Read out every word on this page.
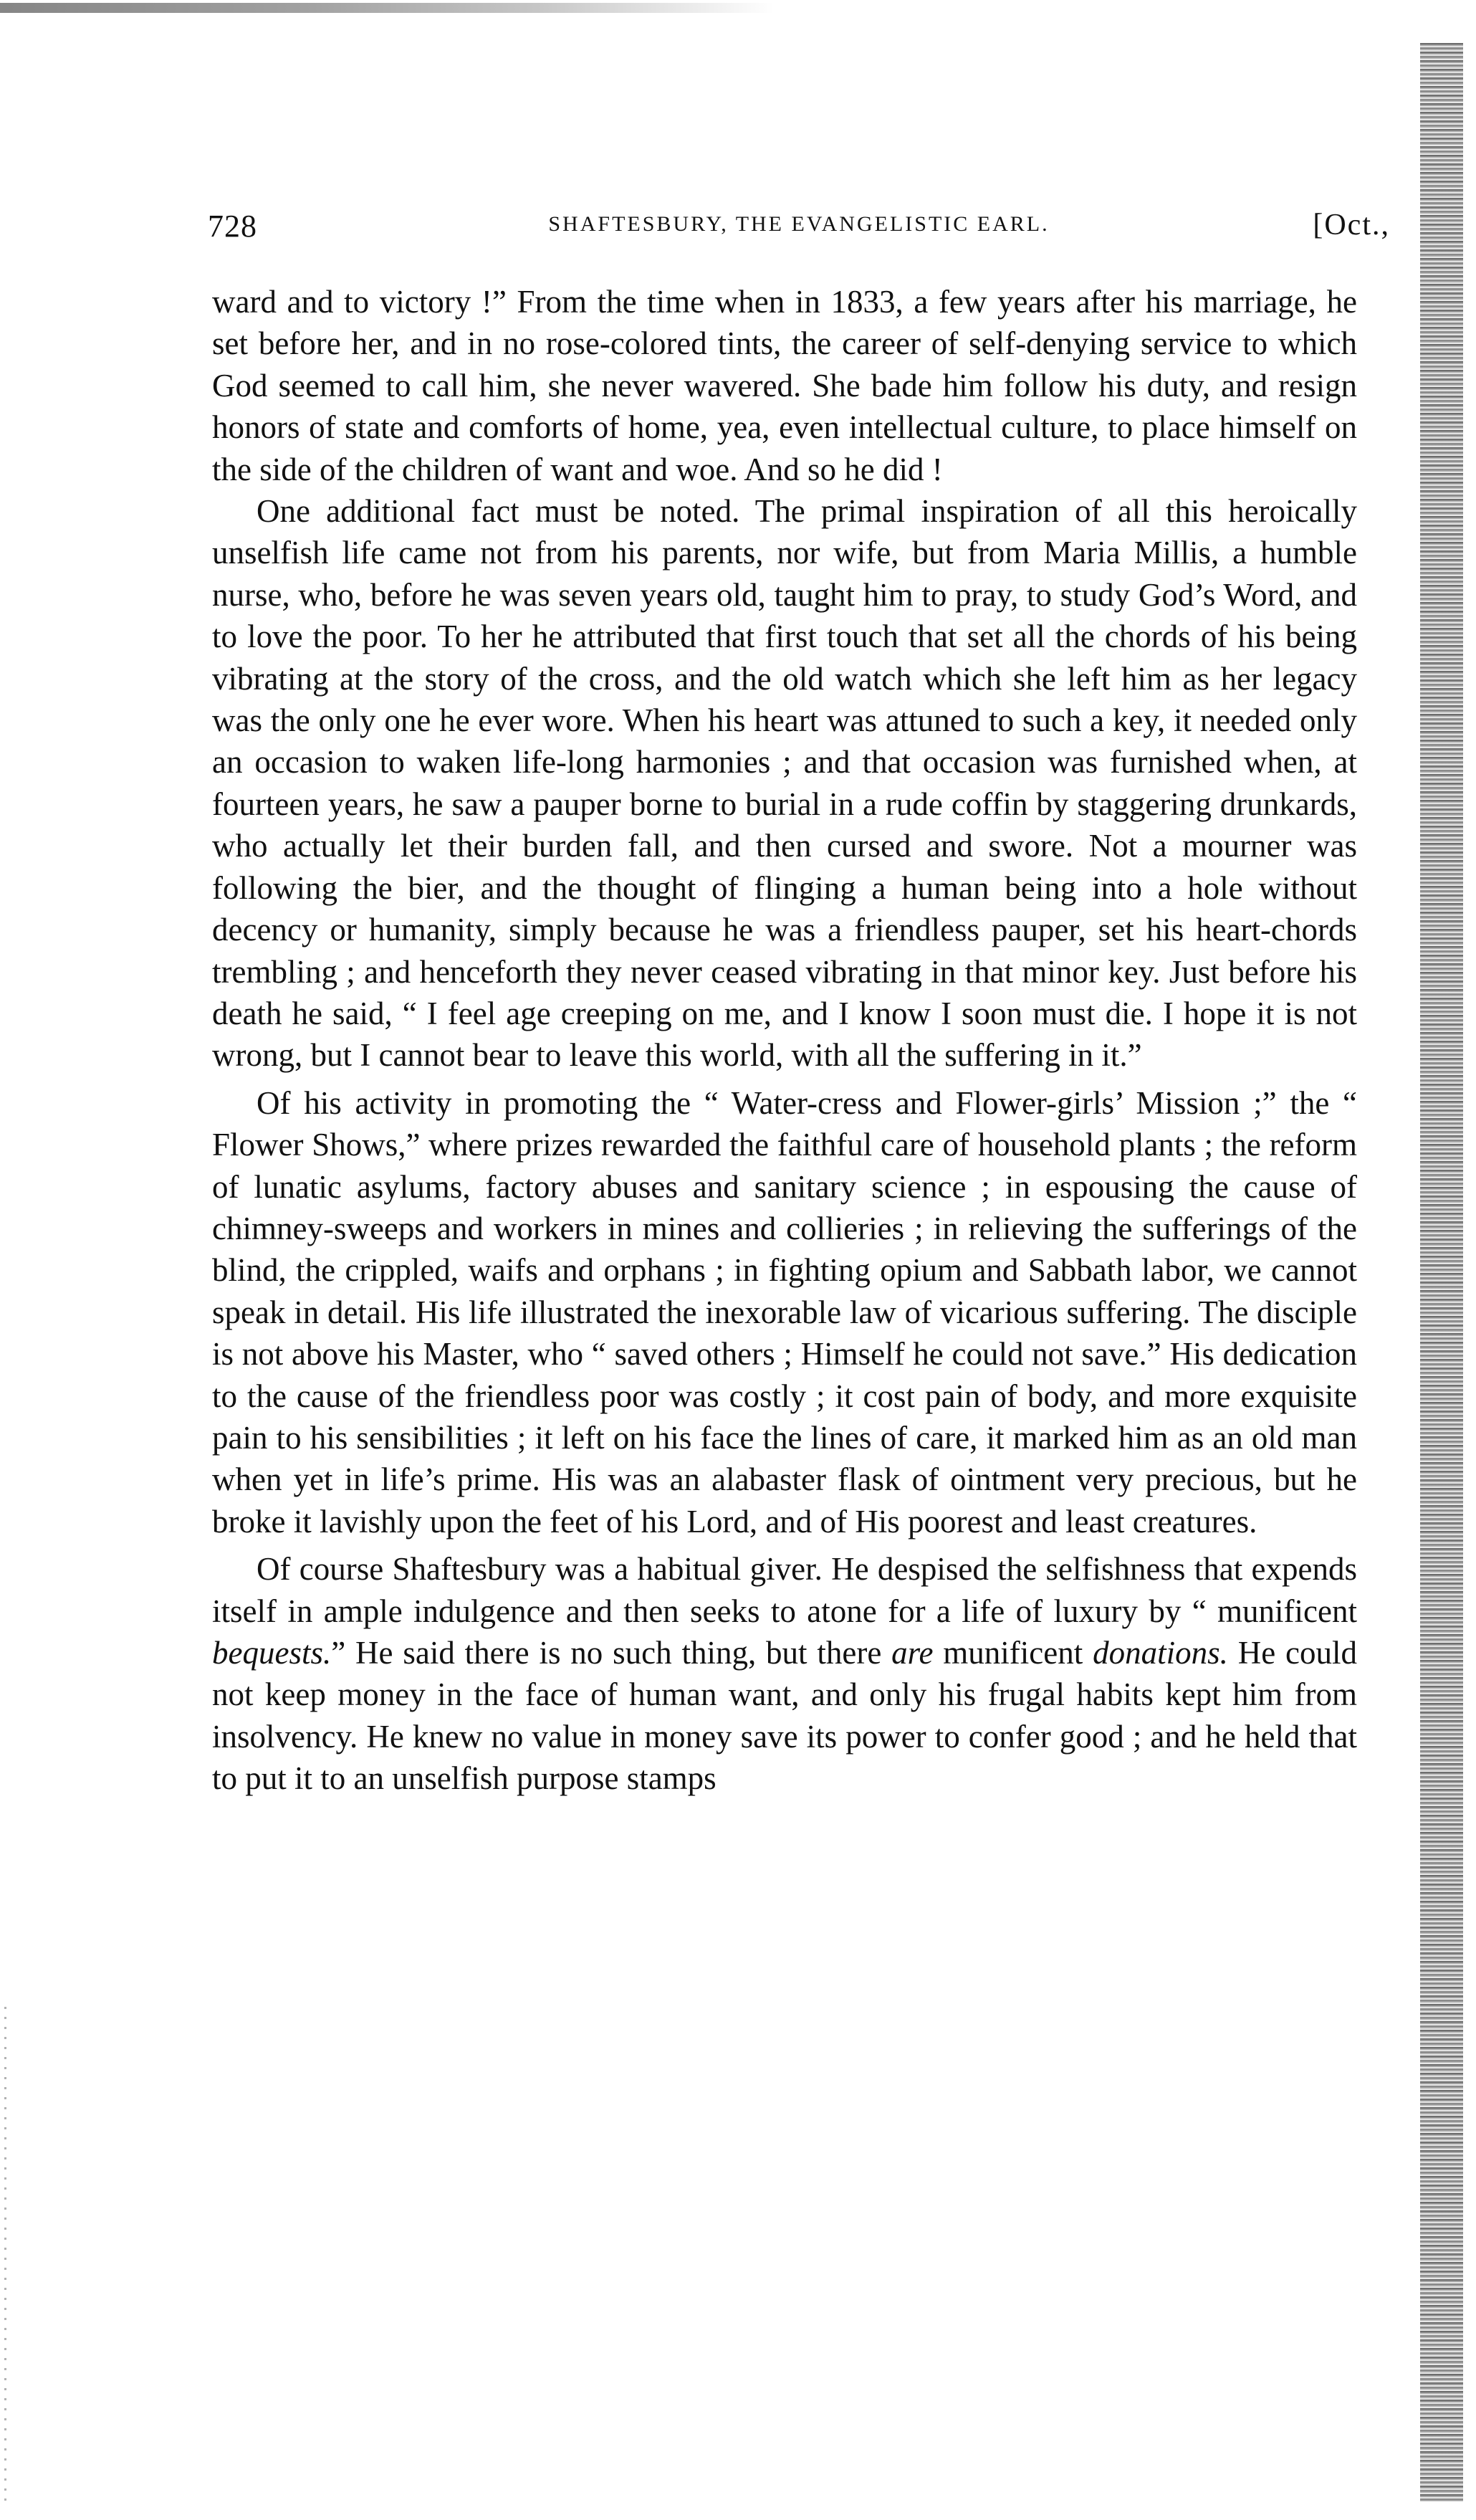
728	SHAFTESBURY, THE EVANGELISTIC EARL.	[Oct.,

ward and to victory !” From the time when in 1833, a few years after his marriage, he set before her, and in no rose-colored tints, the career of self-denying service to which God seemed to call him, she never wavered. She bade him follow his duty, and resign honors of state and comforts of home, yea, even intellectual culture, to place himself on the side of the children of want and woe. And so he did !

One additional fact must be noted. The primal inspiration of all this heroically unselfish life came not from his parents, nor wife, but from Maria Millis, a humble nurse, who, before he was seven years old, taught him to pray, to study God’s Word, and to love the poor. To her he attributed that first touch that set all the chords of his being vibrating at the story of the cross, and the old watch which she left him as her legacy was the only one he ever wore. When his heart was attuned to such a key, it needed only an occasion to waken life-long harmonies ; and that occasion was furnished when, at fourteen years, he saw a pauper borne to burial in a rude coffin by staggering drunkards, who actually let their burden fall, and then cursed and swore. Not a mourner was following the bier, and the thought of flinging a human being into a hole without decency or humanity, simply because he was a friendless pauper, set his heart-chords trembling ; and henceforth they never ceased vibrating in that minor key. Just before his death he said, “ I feel age creeping on me, and I know I soon must die. I hope it is not wrong, but I cannot bear to leave this world, with all the suffering in it.”

Of his activity in promoting the “ Water-cress and Flower-girls’ Mission ;” the “ Flower Shows,” where prizes rewarded the faithful care of household plants ; the reform of lunatic asylums, factory abuses and sanitary science ; in espousing the cause of chimney-sweeps and workers in mines and collieries ; in relieving the sufferings of the blind, the crippled, waifs and orphans ; in fighting opium and Sabbath labor, we cannot speak in detail. His life illustrated the inexorable law of vicarious suffering. The disciple is not above his Master, who “ saved others ; Himself he could not save.” His dedication to the cause of the friendless poor was costly ; it cost pain of body, and more exquisite pain to his sensibilities ; it left on his face the lines of care, it marked him as an old man when yet in life’s prime. His was an alabaster flask of ointment very precious, but he broke it lavishly upon the feet of his Lord, and of His poorest and least creatures.

Of course Shaftesbury was a habitual giver. He despised the selfishness that expends itself in ample indulgence and then seeks to atone for a life of luxury by “ munificent bequests.” He said there is no such thing, but there are munificent donations. He could not keep money in the face of human want, and only his frugal habits kept him from insolvency. He knew no value in money save its power to confer good ; and he held that to put it to an unselfish purpose stamps
